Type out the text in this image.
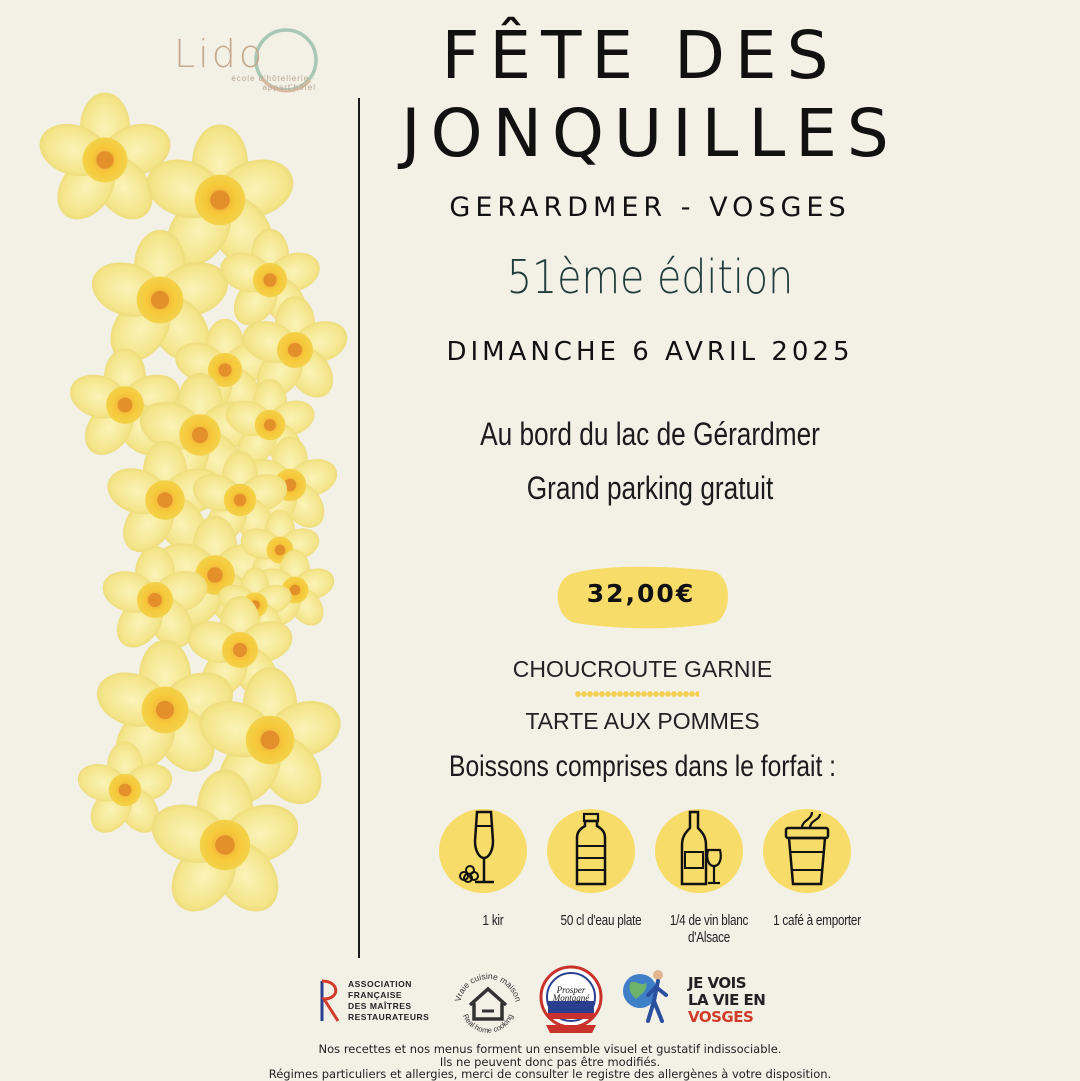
Lido
école d'hôtellerie · appart'hôtel	FÊTE DES
JONQUILLES
GERARDMER - VOSGES
51ème édition
DIMANCHE 6 AVRIL 2025
Au bord du lac de Gérardmer
Grand parking gratuit
32,00€
CHOUCROUTE GARNIE
TARTE AUX POMMES
Boissons comprises dans le forfait :
1 kir	50 cl d'eau plate	1/4 de vin blanc d'Alsace
1 café à emporter
ASSOCIATION
FRANÇAISE
DES MAÎTRES
RESTAURATEURS
Vraie cuisine maison
Real home cooking
Prosper
Montagné
JE VOIS
LA VIE EN
VOSGES
Nos recettes et nos menus forment un ensemble visuel et gustatif indissociable.
Ils ne peuvent donc pas être modifiés.
Régimes particuliers et allergies, merci de consulter le registre des allergènes à votre disposition.
